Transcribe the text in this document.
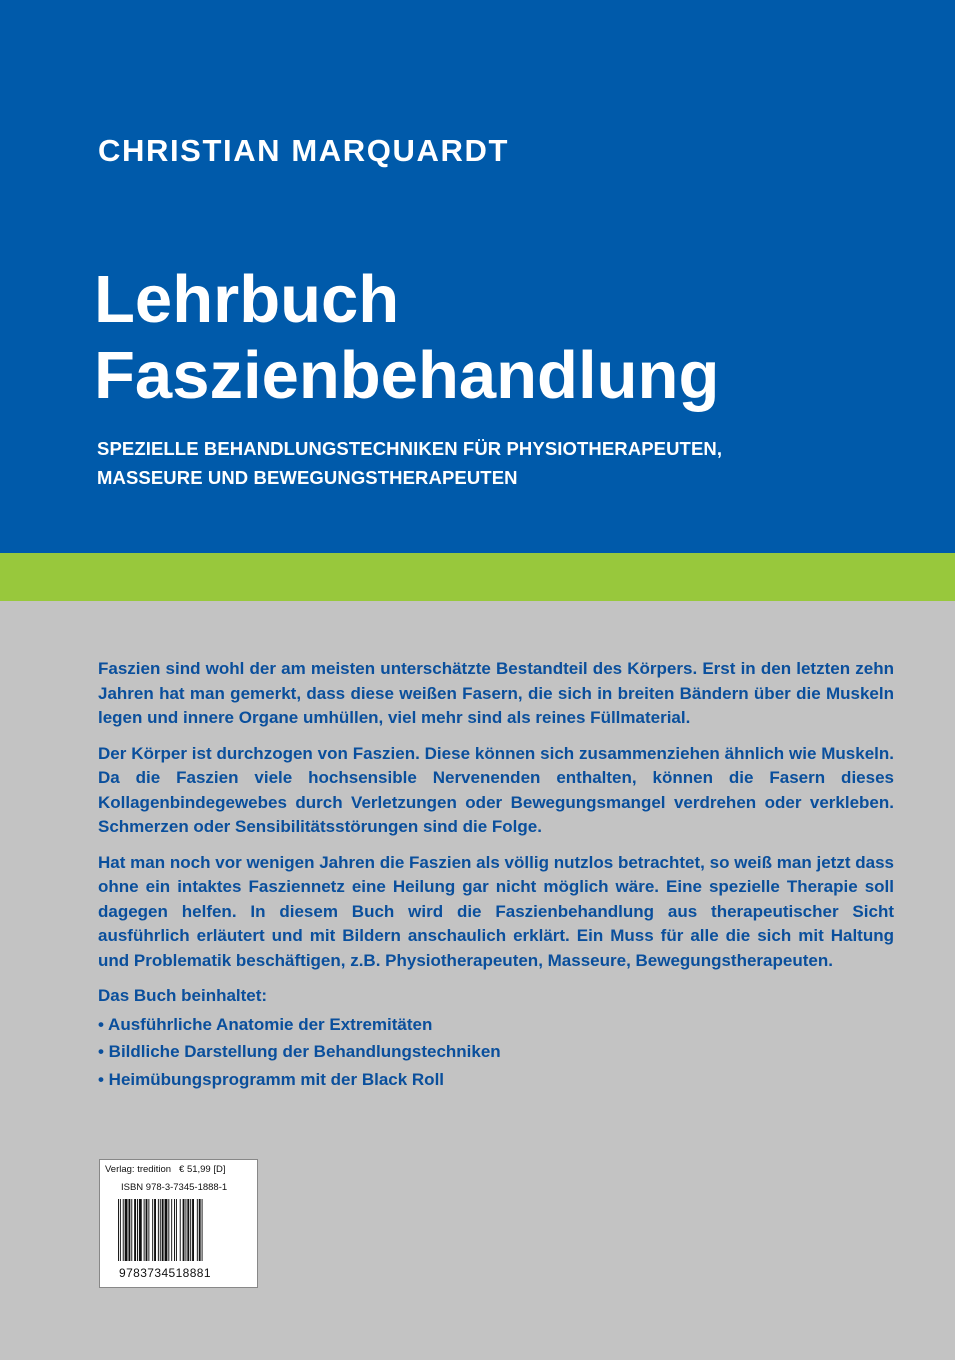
CHRISTIAN MARQUARDT
Lehrbuch
Faszienbehandlung
SPEZIELLE BEHANDLUNGSTECHNIKEN FÜR PHYSIOTHERAPEUTEN,
MASSEURE UND BEWEGUNGSTHERAPEUTEN

Faszien sind wohl der am meisten unterschätzte Bestandteil des Körpers. Erst in den letzten zehn Jahren hat man gemerkt, dass diese weißen Fasern, die sich in breiten Bändern über die Muskeln legen und innere Organe umhüllen, viel mehr sind als reines Füllmaterial.

Der Körper ist durchzogen von Faszien. Diese können sich zusammenziehen ähnlich wie Muskeln. Da die Faszien viele hochsensible Nervenenden enthalten, können die Fasern dieses Kollagenbindegewebes durch Verletzungen oder Bewegungsmangel verdrehen oder verkleben. Schmerzen oder Sensibilitätsstörungen sind die Folge.

Hat man noch vor wenigen Jahren die Faszien als völlig nutzlos betrachtet, so weiß man jetzt dass ohne ein intaktes Fasziennetz eine Heilung gar nicht möglich wäre. Eine spezielle Therapie soll dagegen helfen. In diesem Buch wird die Faszienbehandlung aus therapeutischer Sicht ausführlich erläutert und mit Bildern anschaulich erklärt. Ein Muss für alle die sich mit Haltung und Problematik beschäftigen, z.B. Physiotherapeuten, Masseure, Bewegungstherapeuten.

Das Buch beinhaltet:
• Ausführliche Anatomie der Extremitäten
• Bildliche Darstellung der Behandlungstechniken
• Heimübungsprogramm mit der Black Roll
Verlag: tredition € 51,99 [D]
ISBN 978-3-7345-1888-1
9783734518881
